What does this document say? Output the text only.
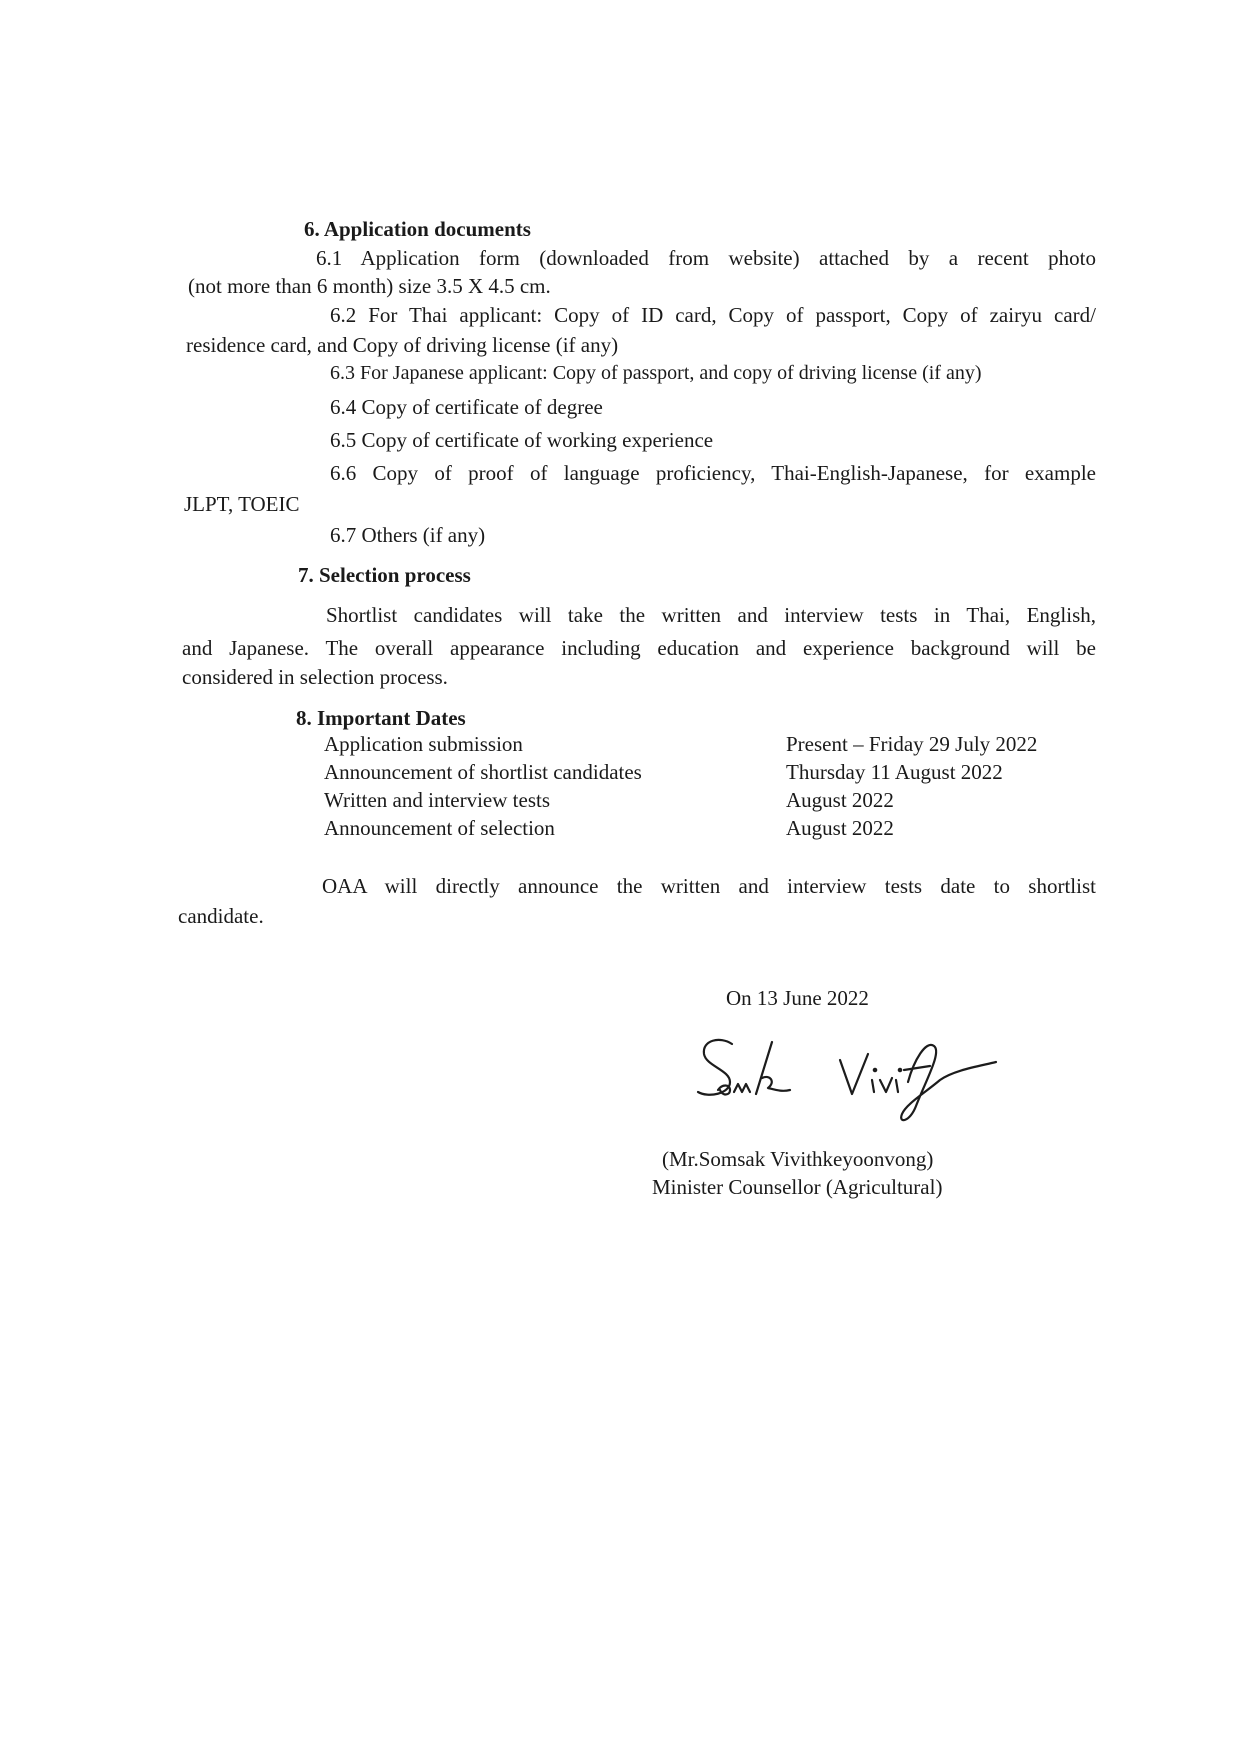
6. Application documents
6.1 Application form (downloaded from website) attached by a recent photo
(not more than 6 month) size 3.5 X 4.5 cm.
6.2 For Thai applicant: Copy of ID card, Copy of passport, Copy of zairyu card/
residence card, and Copy of driving license (if any)
6.3 For Japanese applicant: Copy of passport, and copy of driving license (if any)
6.4 Copy of certificate of degree
6.5 Copy of certificate of working experience
6.6 Copy of proof of language proficiency, Thai-English-Japanese, for example
JLPT, TOEIC
6.7 Others (if any)
7. Selection process
Shortlist candidates will take the written and interview tests in Thai, English,
and Japanese. The overall appearance including education and experience background will be
considered in selection process.
8. Important Dates
Application submission	Present – Friday 29 July 2022
Announcement of shortlist candidates	Thursday 11 August 2022
Written and interview tests	August 2022
Announcement of selection	August 2022
OAA will directly announce the written and interview tests date to shortlist
candidate.
On 13 June 2022
(Mr.Somsak Vivithkeyoonvong)
Minister Counsellor (Agricultural)
